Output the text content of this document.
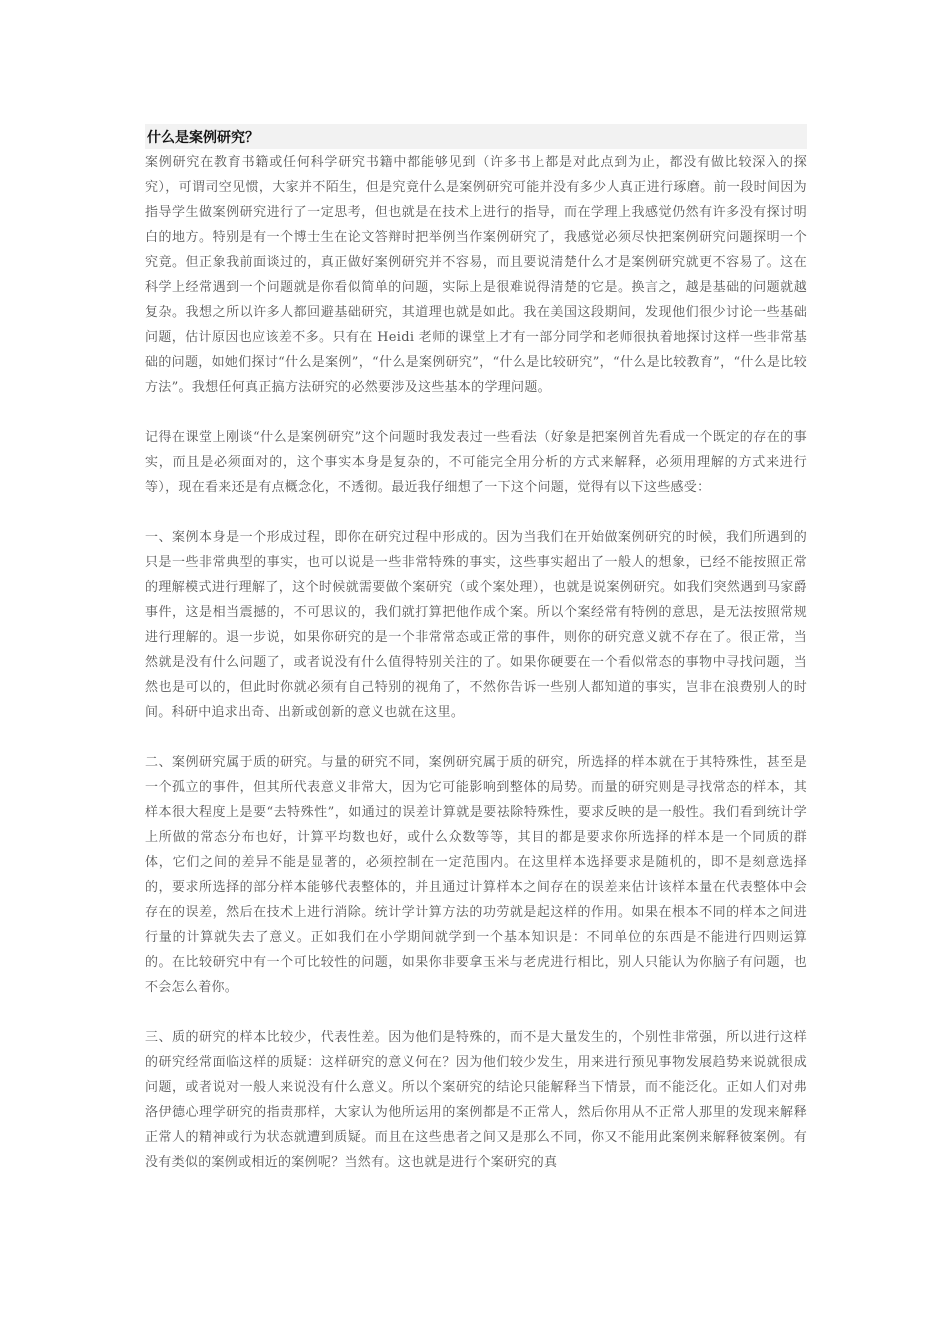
什么是案例研究？

案例研究在教育书籍或任何科学研究书籍中都能够见到（许多书上都是对此点到为止，都没有做比较深入的探究），可谓司空见惯，大家并不陌生，但是究竟什么是案例研究可能并没有多少人真正进行琢磨。前一段时间因为指导学生做案例研究进行了一定思考，但也就是在技术上进行的指导，而在学理上我感觉仍然有许多没有探讨明白的地方。特别是有一个博士生在论文答辩时把举例当作案例研究了，我感觉必须尽快把案例研究问题探明一个究竟。但正象我前面谈过的，真正做好案例研究并不容易，而且要说清楚什么才是案例研究就更不容易了。这在科学上经常遇到一个问题就是你看似简单的问题，实际上是很难说得清楚的它是。换言之，越是基础的问题就越复杂。我想之所以许多人都回避基础研究，其道理也就是如此。我在美国这段期间，发现他们很少讨论一些基础问题，估计原因也应该差不多。只有在 Heidi 老师的课堂上才有一部分同学和老师很执着地探讨这样一些非常基础的问题，如她们探讨“什么是案例”，“什么是案例研究”，“什么是比较研究”，“什么是比较教育”，“什么是比较方法”。我想任何真正搞方法研究的必然要涉及这些基本的学理问题。

记得在课堂上刚谈“什么是案例研究”这个问题时我发表过一些看法（好象是把案例首先看成一个既定的存在的事实，而且是必须面对的，这个事实本身是复杂的，不可能完全用分析的方式来解释，必须用理解的方式来进行等），现在看来还是有点概念化，不透彻。最近我仔细想了一下这个问题，觉得有以下这些感受：

一、案例本身是一个形成过程，即你在研究过程中形成的。因为当我们在开始做案例研究的时候，我们所遇到的只是一些非常典型的事实，也可以说是一些非常特殊的事实，这些事实超出了一般人的想象，已经不能按照正常的理解模式进行理解了，这个时候就需要做个案研究（或个案处理），也就是说案例研究。如我们突然遇到马家爵事件，这是相当震撼的，不可思议的，我们就打算把他作成个案。所以个案经常有特例的意思，是无法按照常规进行理解的。退一步说，如果你研究的是一个非常常态或正常的事件，则你的研究意义就不存在了。很正常，当然就是没有什么问题了，或者说没有什么值得特别关注的了。如果你硬要在一个看似常态的事物中寻找问题，当然也是可以的，但此时你就必须有自己特别的视角了，不然你告诉一些别人都知道的事实，岂非在浪费别人的时间。科研中追求出奇、出新或创新的意义也就在这里。

二、案例研究属于质的研究。与量的研究不同，案例研究属于质的研究，所选择的样本就在于其特殊性，甚至是一个孤立的事件，但其所代表意义非常大，因为它可能影响到整体的局势。而量的研究则是寻找常态的样本，其样本很大程度上是要“去特殊性”，如通过的误差计算就是要祛除特殊性，要求反映的是一般性。我们看到统计学上所做的常态分布也好，计算平均数也好，或什么众数等等，其目的都是要求你所选择的样本是一个同质的群体，它们之间的差异不能是显著的，必须控制在一定范围内。在这里样本选择要求是随机的，即不是刻意选择的，要求所选择的部分样本能够代表整体的，并且通过计算样本之间存在的误差来估计该样本量在代表整体中会存在的误差，然后在技术上进行消除。统计学计算方法的功劳就是起这样的作用。如果在根本不同的样本之间进行量的计算就失去了意义。正如我们在小学期间就学到一个基本知识是：不同单位的东西是不能进行四则运算的。在比较研究中有一个可比较性的问题，如果你非要拿玉米与老虎进行相比，别人只能认为你脑子有问题，也不会怎么着你。

三、质的研究的样本比较少，代表性差。因为他们是特殊的，而不是大量发生的，个别性非常强，所以进行这样的研究经常面临这样的质疑：这样研究的意义何在？因为他们较少发生，用来进行预见事物发展趋势来说就很成问题，或者说对一般人来说没有什么意义。所以个案研究的结论只能解释当下情景，而不能泛化。正如人们对弗洛伊德心理学研究的指责那样，大家认为他所运用的案例都是不正常人，然后你用从不正常人那里的发现来解释正常人的精神或行为状态就遭到质疑。而且在这些患者之间又是那么不同，你又不能用此案例来解释彼案例。有没有类似的案例或相近的案例呢？当然有。这也就是进行个案研究的真
